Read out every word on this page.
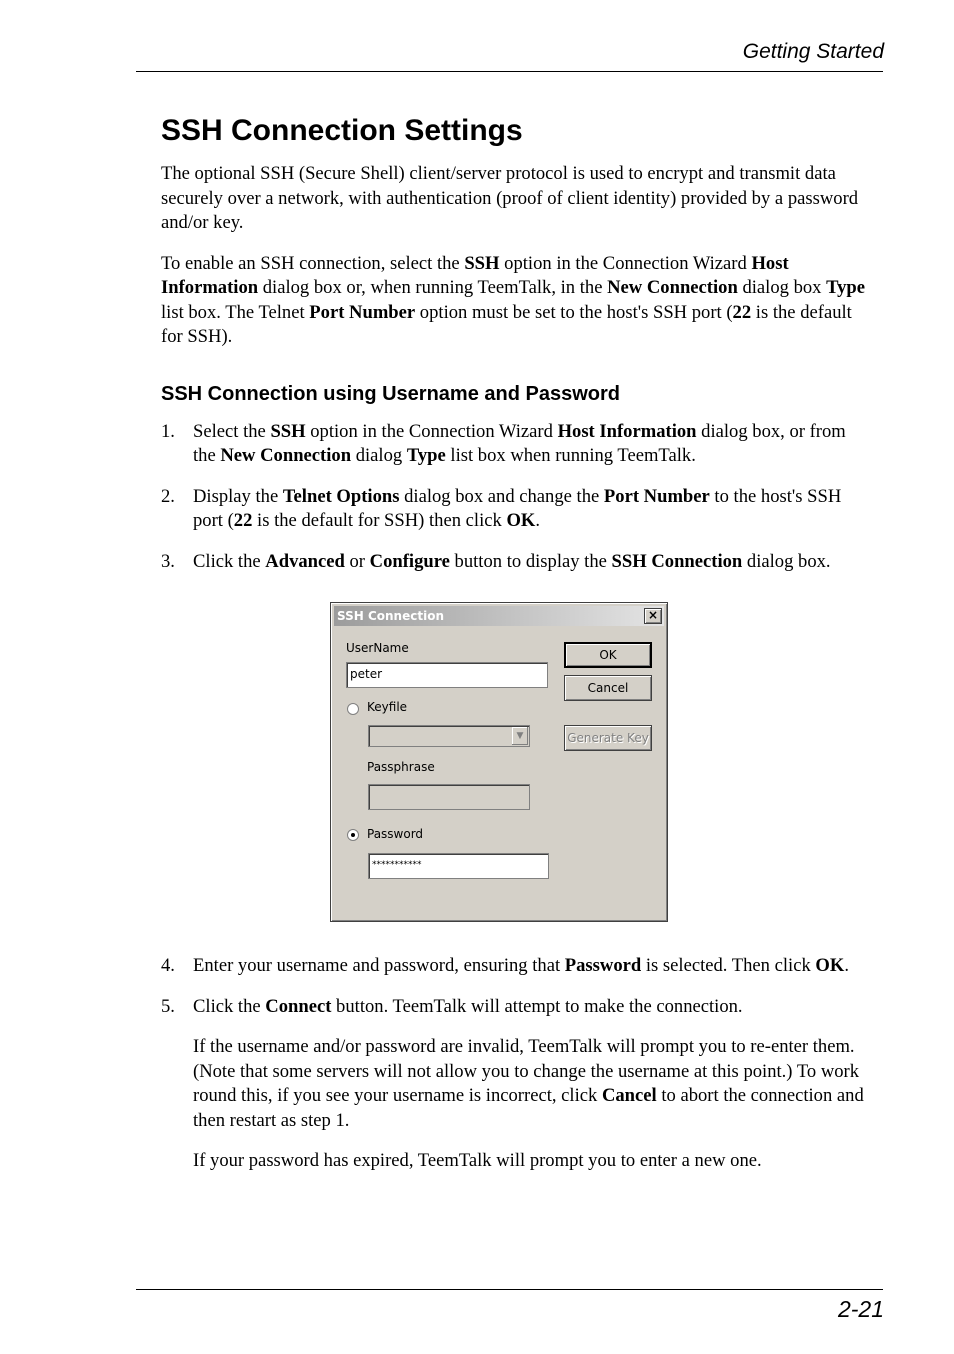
Getting Started
SSH Connection Settings

The optional SSH (Secure Shell) client/server protocol is used to encrypt and transmit data securely over a network, with authentication (proof of client identity) provided by a password and/or key.

To enable an SSH connection, select the SSH option in the Connection Wizard Host Information dialog box or, when running TeemTalk, in the New Connection dialog box Type list box. The Telnet Port Number option must be set to the host's SSH port (22 is the default for SSH).

SSH Connection using Username and Password
1. Select the SSH option in the Connection Wizard Host Information dialog box, or from the New Connection dialog Type list box when running TeemTalk.
2. Display the Telnet Options dialog box and change the Port Number to the host's SSH port (22 is the default for SSH) then click OK.
3. Click the Advanced or Configure button to display the SSH Connection dialog box.
SSH Connection	×
UserName
peter
Keyfile
▼
Passphrase
Password
***********
OK
Cancel
Generate Key
4. Enter your username and password, ensuring that Password is selected. Then click OK.
5. Click the Connect button. TeemTalk will attempt to make the connection.

If the username and/or password are invalid, TeemTalk will prompt you to re-enter them. (Note that some servers will not allow you to change the username at this point.) To work round this, if you see your username is incorrect, click Cancel to abort the connection and then restart as step 1.

If your password has expired, TeemTalk will prompt you to enter a new one.

2-21
